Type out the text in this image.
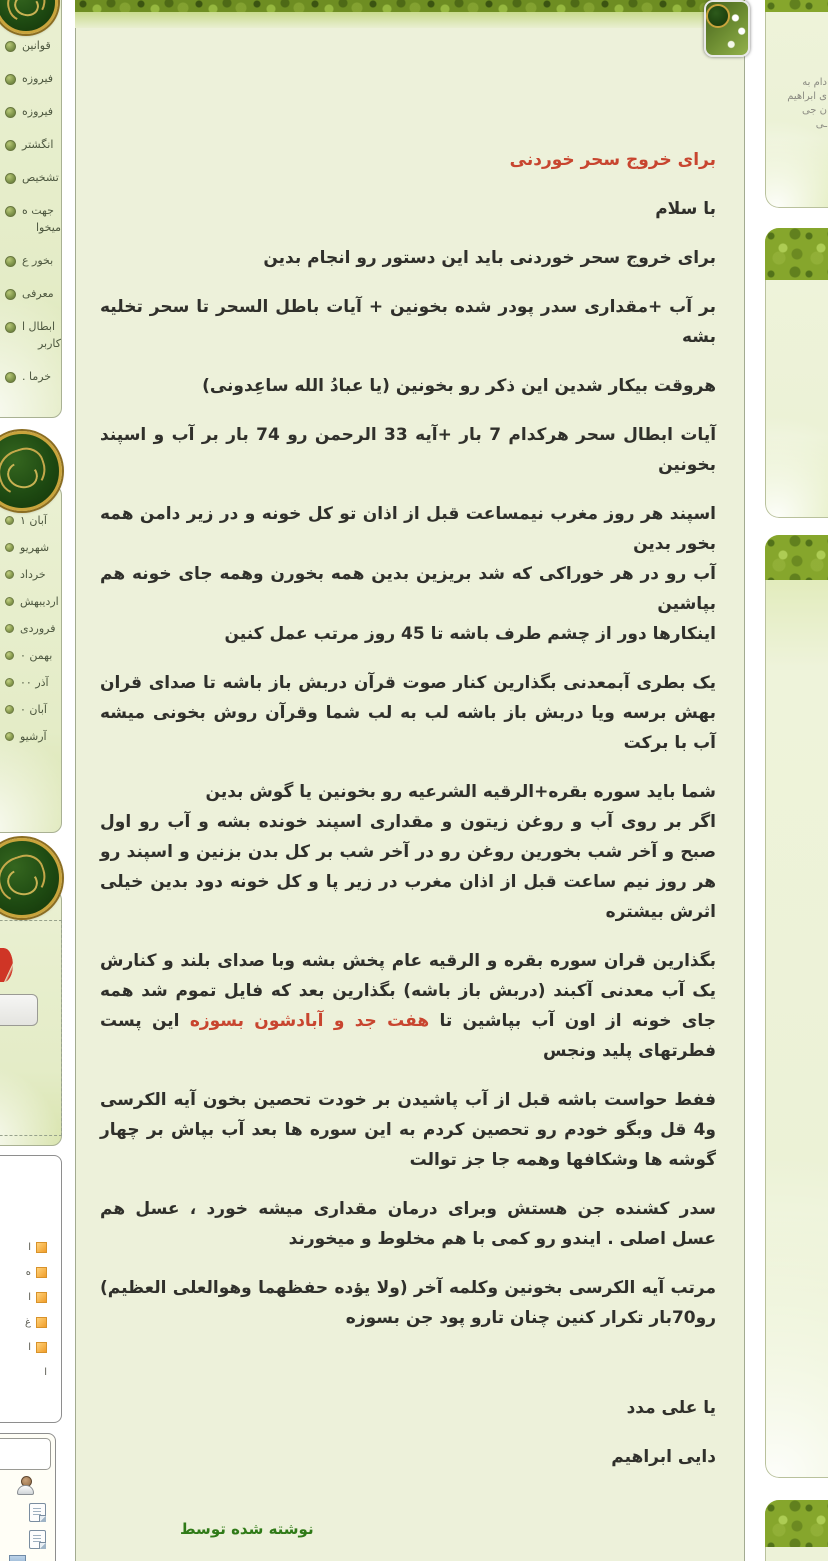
قوانین
فیروزه
فیروزه
انگشتر
تشخیص
جهت ه
میخوا
بخور ع
معرفی
ابطال ا
کاربر
خرما .
آبان ۱
شهریو
خرداد
اردیبهش
فروردی
بهمن ۰
آذر ۰۰
آبان ۰
آرشیو
ا
ه
ا
غ
ا
ا
برای خروج سحر خوردنی

با سلام

برای خروج سحر خوردنی باید این دستور رو انجام بدین

بر آب +مقداری سدر پودر شده بخونین + آیات باطل السحر تا سحر تخلیه بشه

هروقت بیکار شدین این ذکر رو بخونین (یا عبادُ الله ساعِدونی)

آیات ابطال سحر هرکدام 7 بار +آیه 33 الرحمن رو 74 بار بر آب و اسپند بخونین

اسپند هر روز مغرب نیمساعت قبل از اذان تو کل خونه و در زیر دامن همه بخور بدین
آب رو در هر خوراکی که شد بریزین بدین همه بخورن وهمه جای خونه هم بپاشین
اینکارها دور از چشم طرف باشه تا 45 روز مرتب عمل کنین

یک بطری آبمعدنی بگذارین کنار صوت قرآن دربش باز باشه تا صدای قران بهش برسه ویا دربش باز باشه لب به لب شما وقرآن روش بخونی میشه آب با برکت

شما باید سوره بقره+الرقیه الشرعیه رو بخونین یا گوش بدین
اگر بر روی آب و روغن زیتون و مقداری اسپند خونده بشه و آب رو اول صبح و آخر شب بخورین روغن رو در آخر شب بر کل بدن بزنین و اسپند رو هر روز نیم ساعت قبل از اذان مغرب در زیر پا و کل خونه دود بدین خیلی اثرش بیشتره

بگذارین قران سوره بقره و الرقیه عام پخش بشه وبا صدای بلند و کنارش یک آب معدنی آکبند (دربش باز باشه) بگذارین بعد که فایل تموم شد همه جای خونه از اون آب بپاشین تا هفت جد و آبادشون بسوزه این پست فطرتهای پلید ونجس

ففط حواست باشه قبل از آب پاشیدن بر خودت تحصین بخون آیه الکرسی و4 قل وبگو خودم رو تحصین کردم به این سوره ها بعد آب بپاش بر چهار گوشه ها وشکافها وهمه جا جز توالت

سدر کشنده جن هستش وبرای درمان مقداری میشه خورد ، عسل هم عسل اصلی . ایندو رو کمی با هم مخلوط و میخورند

مرتب آیه الکرسی بخونین وکلمه آخر (ولا یؤده حفظهما وهوالعلی العظیم) رو70بار تکرار کنین چنان تارو پود جن بسوزه

یا علی مدد

دایی ابراهیم

نوشته شده توسط
دام به
ی ابراهیم
ن جی
ـی
